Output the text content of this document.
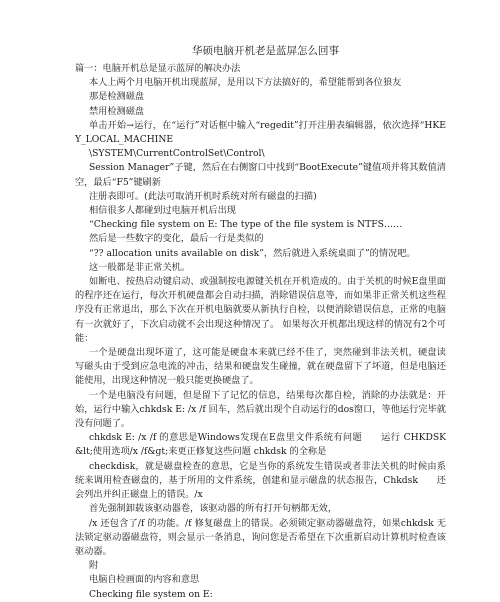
华硕电脑开机老是蓝屏怎么回事

篇一：电脑开机总是显示蓝屏的解决办法

本人上两个月电脑开机出现蓝屏，是用以下方法搞好的，希望能帮到各位狼友

那是检测磁盘

禁用检测磁盘

单击开始→运行，在“运行”对话框中输入“regedit”打开注册表编辑器，依次选择“HKEY_LOCAL_MACHINE

\SYSTEM\CurrentControlSet\Control\

Session Manager”子键，然后在右侧窗口中找到“BootExecute”键值项并将其数值清空，最后“F5”键刷新

注册表即可。(此法可取消开机时系统对所有磁盘的扫描)

相信很多人都碰到过电脑开机后出现

“Checking file system on E: The type of the file system is NTFS……

然后是一些数字的变化，最后一行是类似的

“?? allocation units available on disk”，然后就进入系统桌面了”的情况吧。

这一般都是非正常关机。

如断电、按热启动键启动、或强制按电源键关机在开机造成的。由于关机的时候E盘里面的程序还在运行，每次开机硬盘都会自动扫描，消除错误信息等，而如果非正常关机这些程序没有正常退出，那么下次在开机电脑就要从新执行自检，以便消除错误信息，正常的电脑有一次就好了，下次启动就不会出现这种情况了。 如果每次开机都出现这样的情况有2个可能：

一个是硬盘出现坏道了，这可能是硬盘本来就已经不佳了，突然碰到非法关机，硬盘读写磁头由于受到应急电流的冲击，结果和硬盘发生碰撞，就在硬盘留下了坏道，但是电脑还能使用，出现这种情况一般只能更换硬盘了。

一个是电脑没有问题，但是留下了记忆的信息，结果每次都自检，消除的办法就是：开始，运行中输入chkdsk E: /x /f 回车，然后就出现个自动运行的dos窗口，等他运行完毕就没有问题了。

chkdsk E: /x /f 的意思是Windows发现在E盘里文件系统有问题　　运行 CHKDSK &lt;使用选项/x /f&gt;来更正修复这些问题 chkdsk 的全称是

checkdisk，就是磁盘检查的意思，它是当你的系统发生错误或者非法关机的时候由系统来调用检查磁盘的，基于所用的文件系统，创建和显示磁盘的状态报告，Chkdsk　　还会列出并纠正磁盘上的错误。/x

首先强制卸载该驱动器卷，该驱动器的所有打开句柄都无效，

/x 还包含了/f 的功能。/f 修复磁盘上的错误。必须锁定驱动器磁盘符，如果chkdsk 无法锁定驱动器磁盘符，则会显示一条消息，询问您是否希望在下次重新启动计算机时检查该驱动器。

附

电脑自检画面的内容和意思

Checking file system on E:
